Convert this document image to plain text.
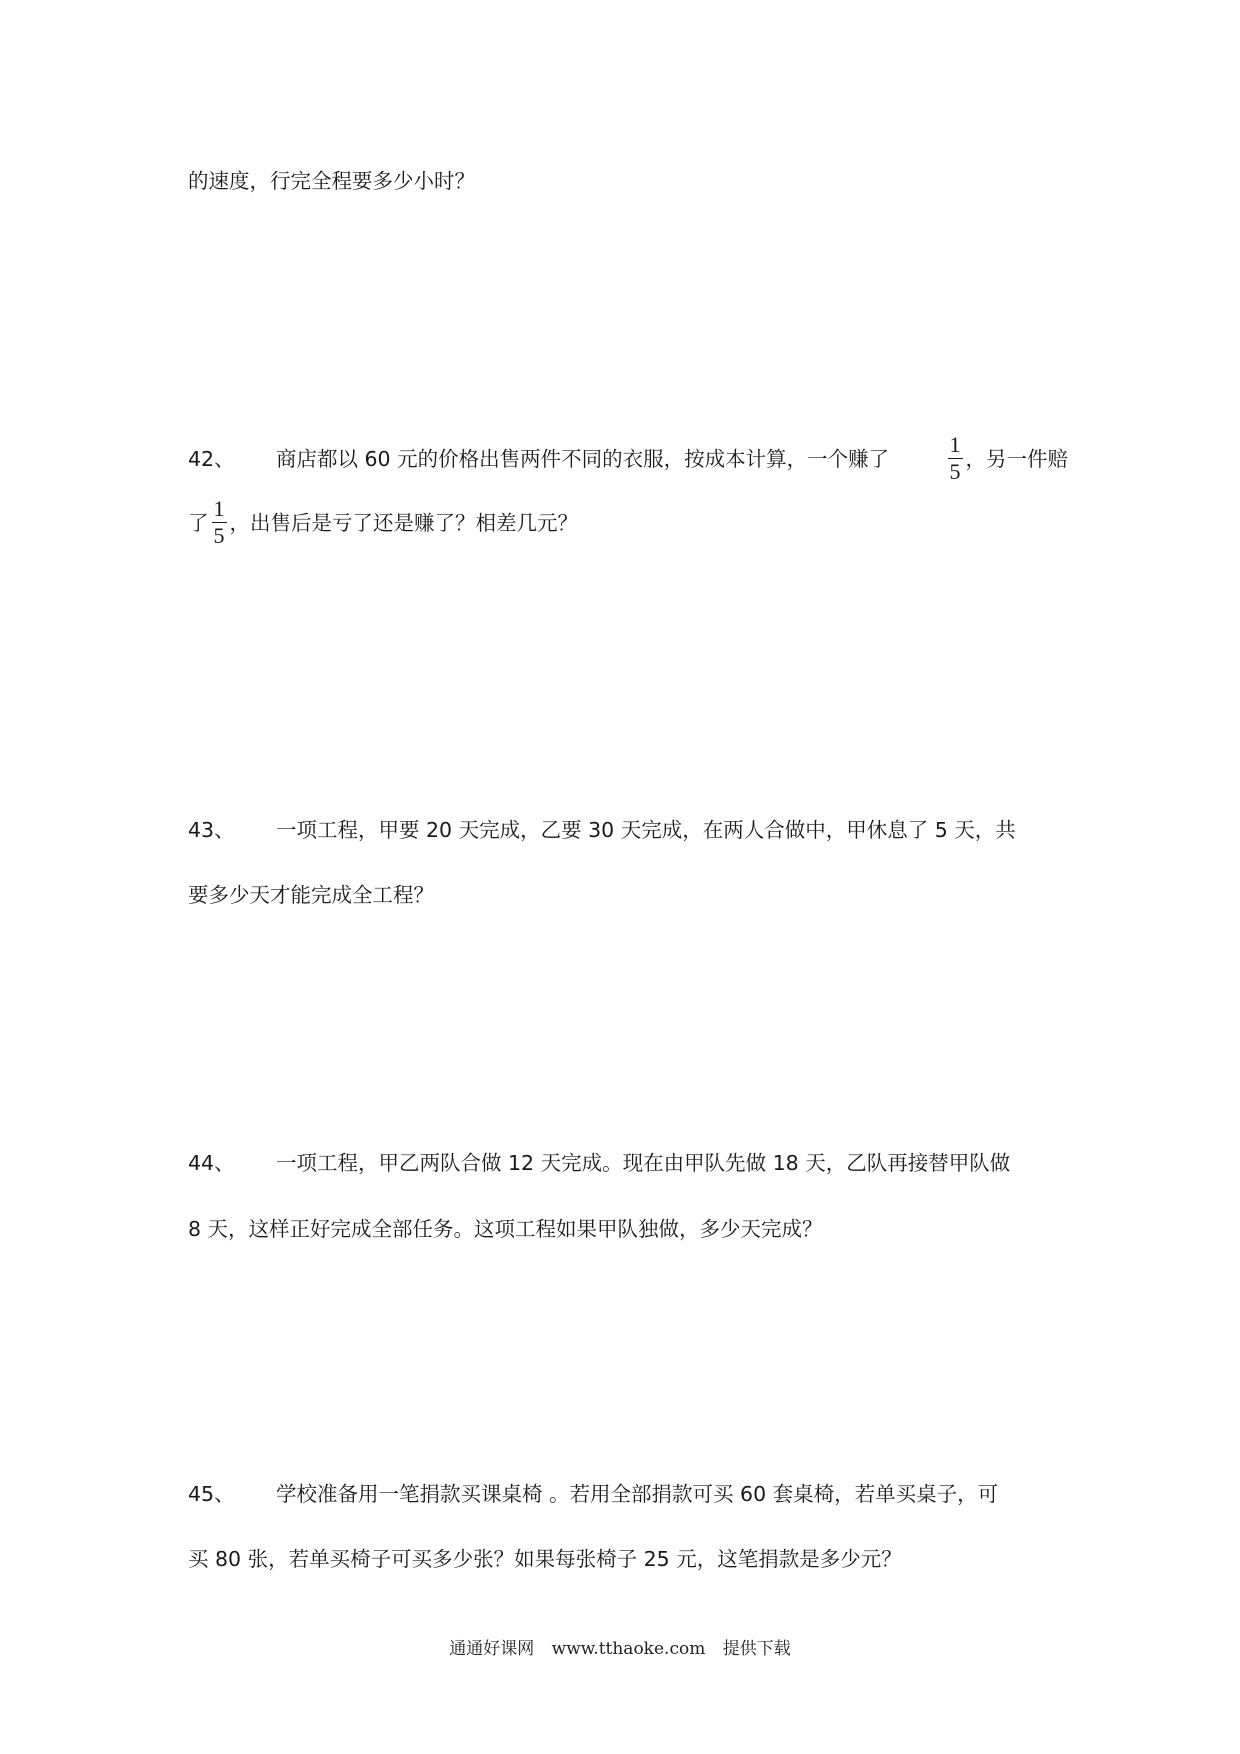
的速度，行完全程要多少小时？
42、	商店都以 60 元的价格出售两件不同的衣服，按成本计算，一个赚了	$\frac{1}{5}$ ，另一件赔
了 $\frac{1}{5}$ ，出售后是亏了还是赚了？相差几元？
43、 一项工程，甲要 20 天完成，乙要 30 天完成，在两人合做中，甲休息了 5 天，共
要多少天才能完成全工程？
44、 一项工程，甲乙两队合做 12 天完成。现在由甲队先做 18 天，乙队再接替甲队做
8 天，这样正好完成全部任务。这项工程如果甲队独做，多少天完成？
45、 学校准备用一笔捐款买课桌椅 。若用全部捐款可买 60 套桌椅，若单买桌子，可
买 80 张，若单买椅子可买多少张？如果每张椅子 25 元，这笔捐款是多少元？
通通好课网 www.tthaoke.com 提供下载
